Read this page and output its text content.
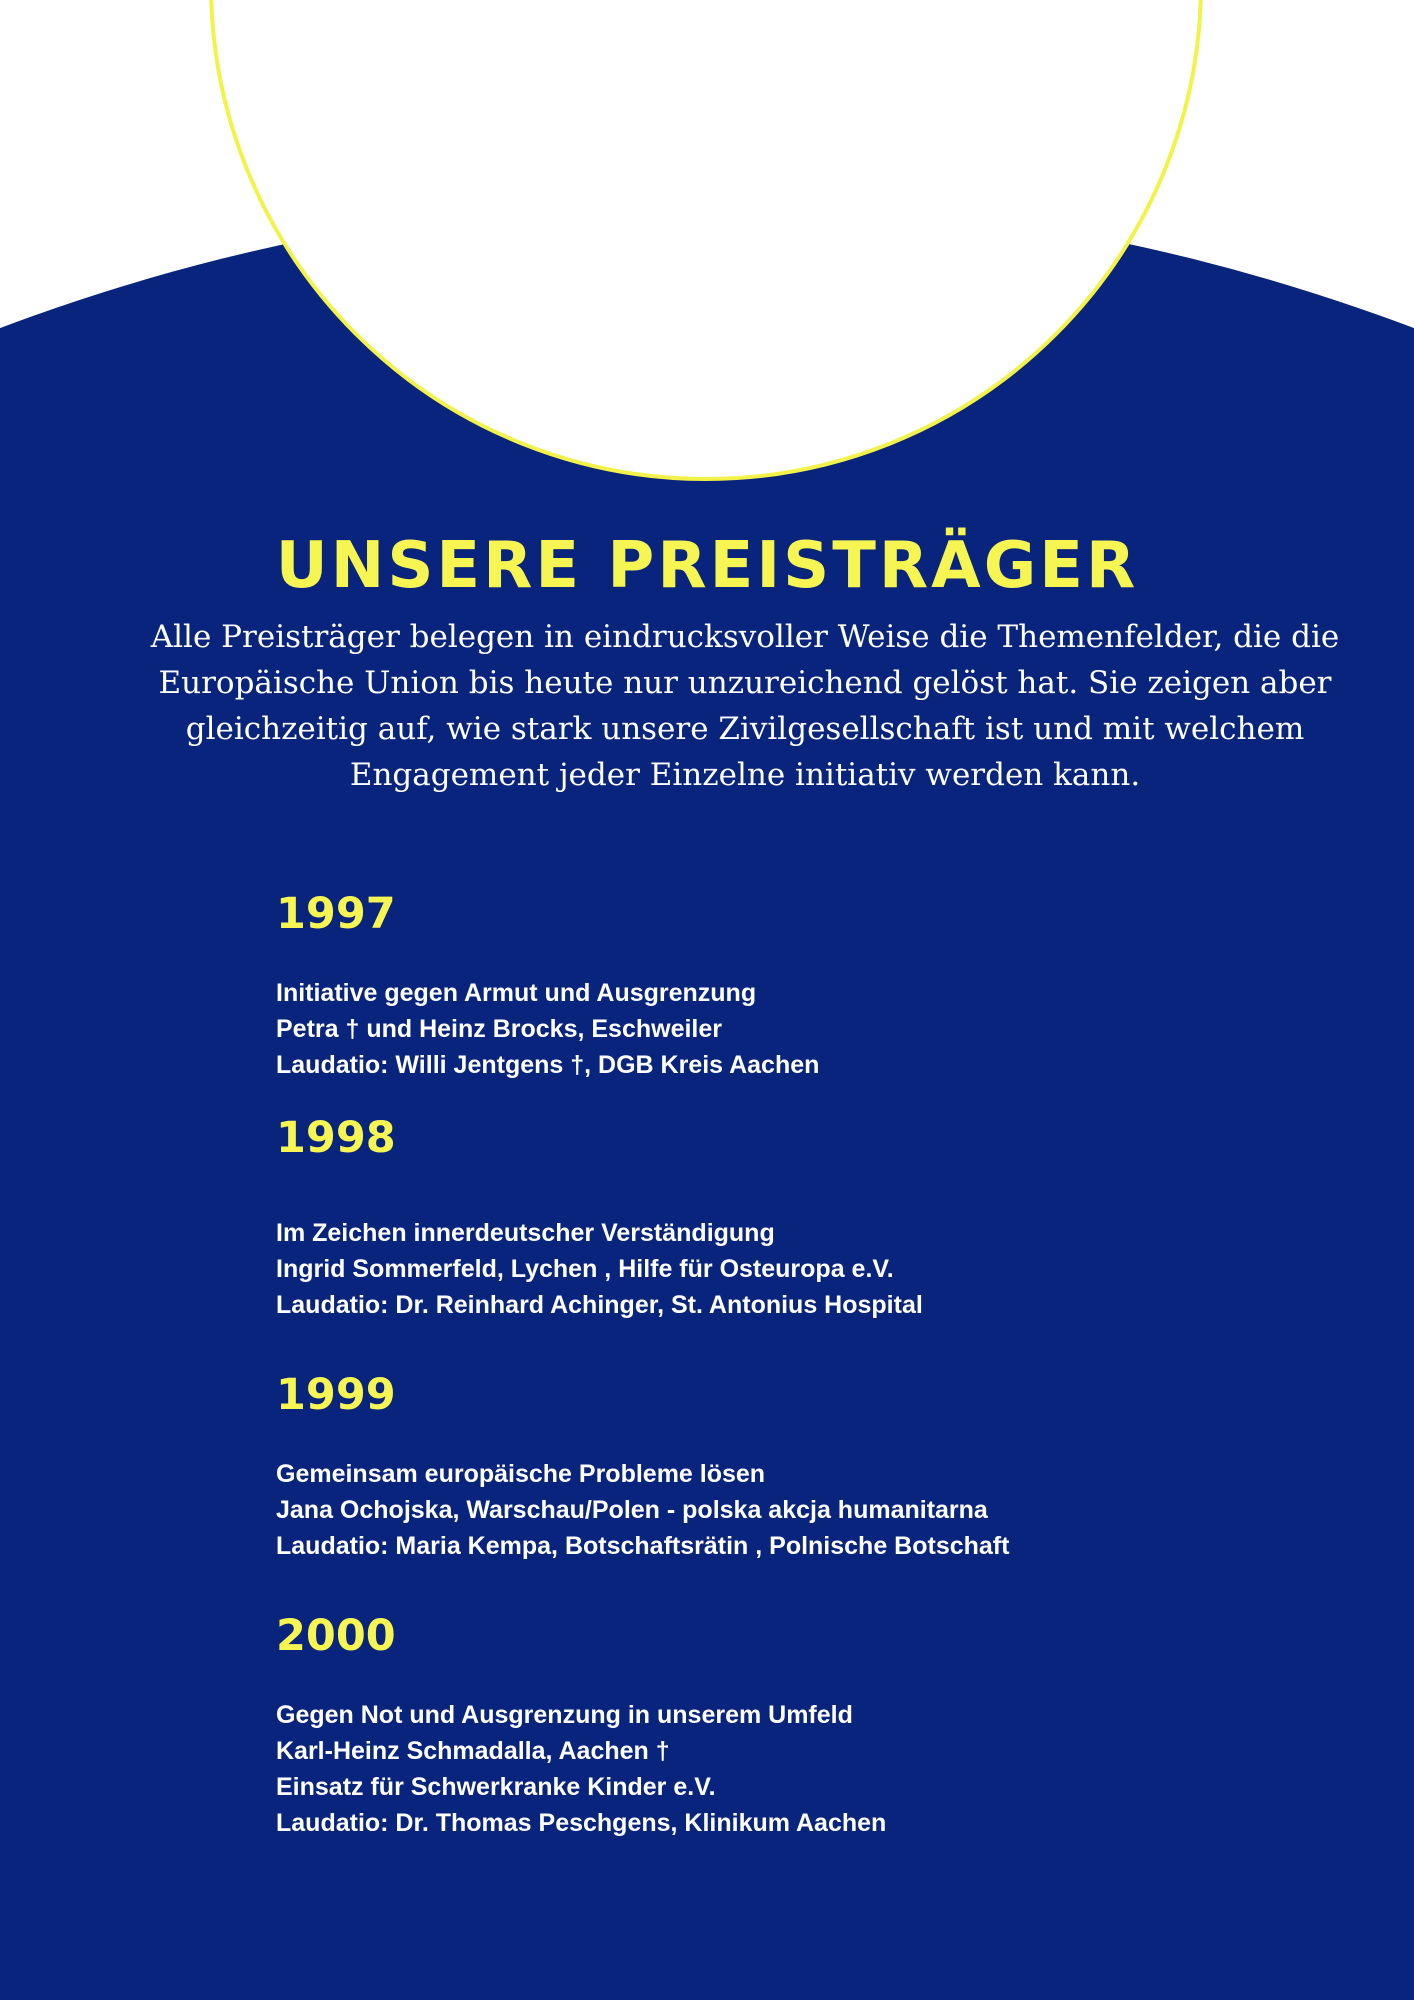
UNSERE PREISTRÄGER

Alle Preisträger belegen in eindrucksvoller Weise die Themenfelder, die die Europäische Union bis heute nur unzureichend gelöst hat. Sie zeigen aber gleichzeitig auf, wie stark unsere Zivilgesellschaft ist und mit welchem Engagement jeder Einzelne initiativ werden kann.

1997
Initiative gegen Armut und Ausgrenzung
Petra † und Heinz Brocks, Eschweiler
Laudatio: Willi Jentgens †, DGB Kreis Aachen
1998
Im Zeichen innerdeutscher Verständigung
Ingrid Sommerfeld, Lychen , Hilfe für Osteuropa e.V.
Laudatio: Dr. Reinhard Achinger, St. Antonius Hospital
1999
Gemeinsam europäische Probleme lösen
Jana Ochojska, Warschau/Polen - polska akcja humanitarna
Laudatio: Maria Kempa, Botschaftsrätin , Polnische Botschaft
2000
Gegen Not und Ausgrenzung in unserem Umfeld
Karl-Heinz Schmadalla, Aachen †
Einsatz für Schwerkranke Kinder e.V.
Laudatio: Dr. Thomas Peschgens, Klinikum Aachen
